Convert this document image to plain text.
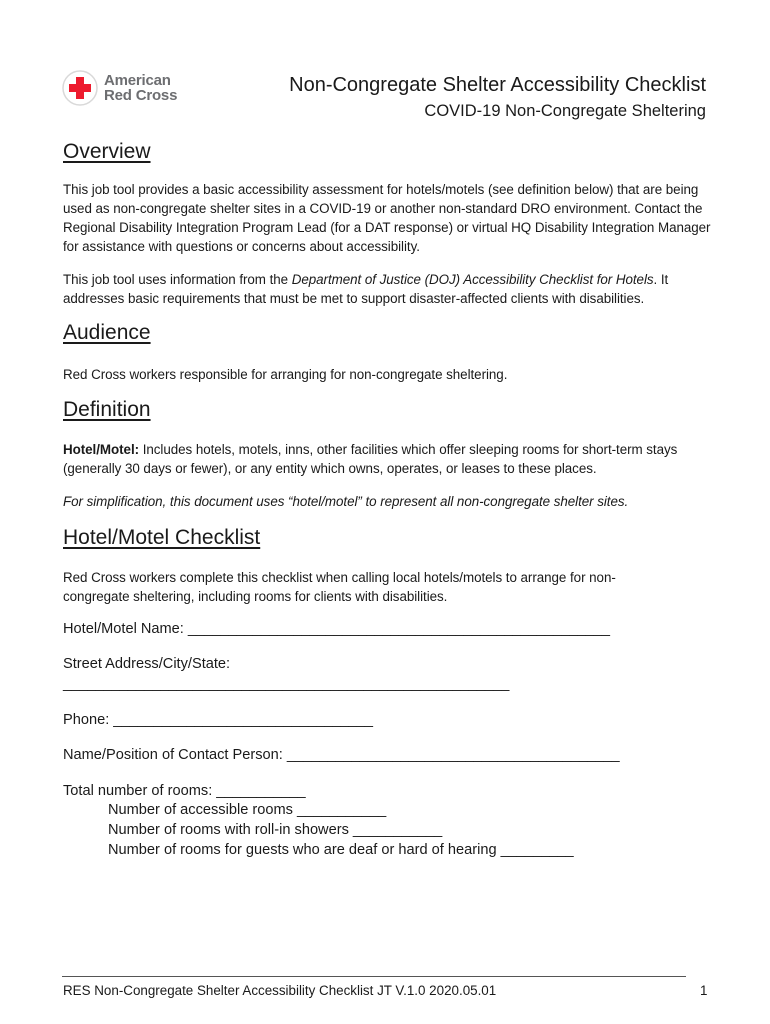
American
Red Cross	Non-Congregate Shelter Accessibility Checklist
COVID-19 Non-Congregate Sheltering
Overview

This job tool provides a basic accessibility assessment for hotels/motels (see definition below) that are being used as non-congregate shelter sites in a COVID-19 or another non-standard DRO environment. Contact the Regional Disability Integration Program Lead (for a DAT response) or virtual HQ Disability Integration Manager for assistance with questions or concerns about accessibility.

This job tool uses information from the Department of Justice (DOJ) Accessibility Checklist for Hotels. It addresses basic requirements that must be met to support disaster-affected clients with disabilities.

Audience
Red Cross workers responsible for arranging for non-congregate sheltering.
Definition

Hotel/Motel: Includes hotels, motels, inns, other facilities which offer sleeping rooms for short-term stays (generally 30 days or fewer), or any entity which owns, operates, or leases to these places.

For simplification, this document uses “hotel/motel” to represent all non-congregate shelter sites.
Hotel/Motel Checklist
Red Cross workers complete this checklist when calling local hotels/motels to arrange for non-congregate sheltering, including rooms for clients with disabilities.
Hotel/Motel Name: ____________________________________________________
Street Address/City/State:
_______________________________________________________
Phone: ________________________________
Name/Position of Contact Person: _________________________________________
Total number of rooms: ___________
Number of accessible rooms ___________
Number of rooms with roll-in showers ___________
Number of rooms for guests who are deaf or hard of hearing _________
RES Non-Congregate Shelter Accessibility Checklist JT V.1.0 2020.05.01	1
